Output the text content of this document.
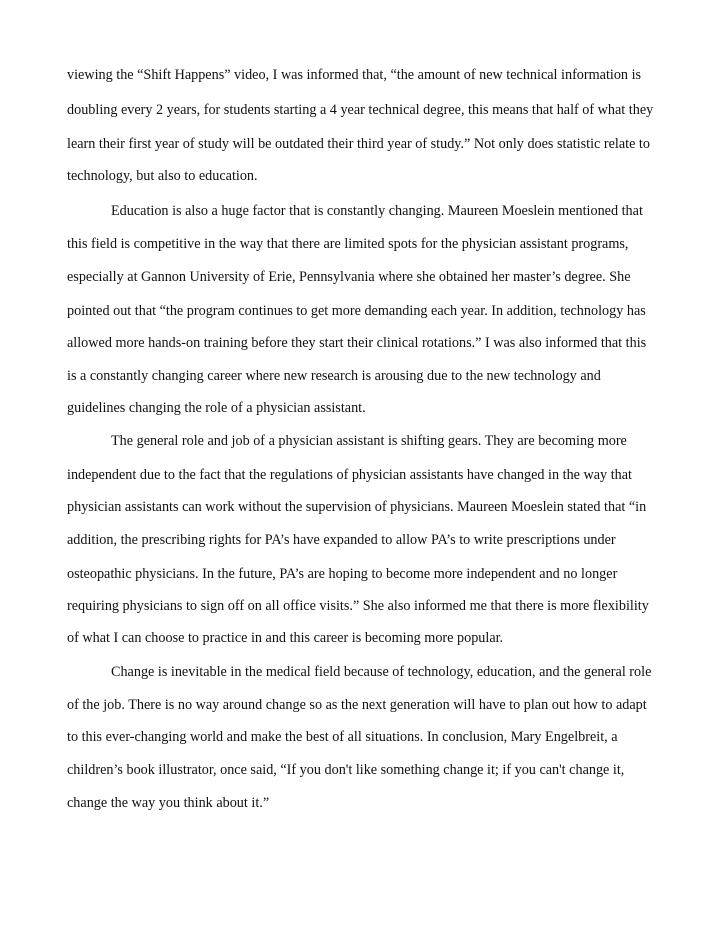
viewing the “Shift Happens” video, I was informed that, “the amount of new technical information is
doubling every 2 years, for students starting a 4 year technical degree, this means that half of what they
learn their first year of study will be outdated their third year of study.” Not only does statistic relate to
technology, but also to education.
Education is also a huge factor that is constantly changing. Maureen Moeslein mentioned that
this field is competitive in the way that there are limited spots for the physician assistant programs,
especially at Gannon University of Erie, Pennsylvania where she obtained her master’s degree. She
pointed out that “the program continues to get more demanding each year. In addition, technology has
allowed more hands-on training before they start their clinical rotations.” I was also informed that this
is a constantly changing career where new research is arousing due to the new technology and
guidelines changing the role of a physician assistant.
The general role and job of a physician assistant is shifting gears. They are becoming more
independent due to the fact that the regulations of physician assistants have changed in the way that
physician assistants can work without the supervision of physicians. Maureen Moeslein stated that “in
addition, the prescribing rights for PA’s have expanded to allow PA’s to write prescriptions under
osteopathic physicians. In the future, PA’s are hoping to become more independent and no longer
requiring physicians to sign off on all office visits.” She also informed me that there is more flexibility
of what I can choose to practice in and this career is becoming more popular.
Change is inevitable in the medical field because of technology, education, and the general role
of the job. There is no way around change so as the next generation will have to plan out how to adapt
to this ever-changing world and make the best of all situations. In conclusion, Mary Engelbreit, a
children’s book illustrator, once said, “If you don't like something change it; if you can't change it,
change the way you think about it.”
